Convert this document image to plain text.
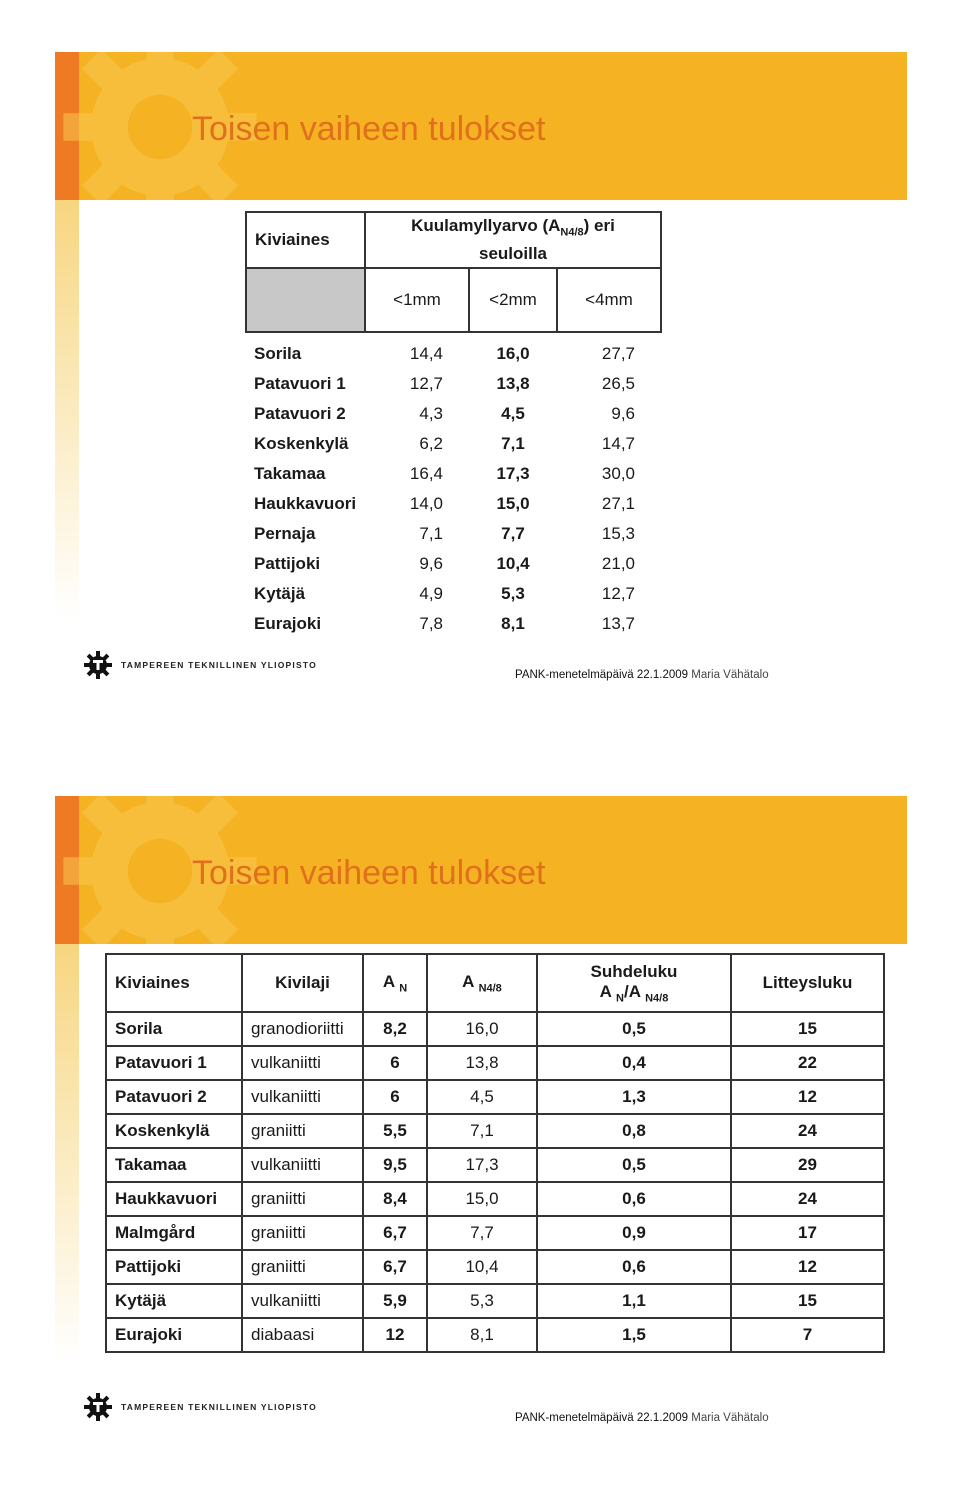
Toisen vaiheen tulokset
Kiviaines	Kuulamyllyarvo $(A_{N4/8})$ eri
seuloilla		
	<1mm	<2mm	<4mm

Sorila	14,4	16,0	27,7
Patavuori 1	12,7	13,8	26,5
Patavuori 2	4,3	4,5	9,6
Koskenkylä	6,2	7,1	14,7
Takamaa	16,4	17,3	30,0
Haukkavuori	14,0	15,0	27,1
Pernaja	7,1	7,7	15,3
Pattijoki	9,6	10,4	21,0
Kytäjä	4,9	5,3	12,7
Eurajoki	7,8	8,1	13,7
TAMPEREEN TEKNILLINEN YLIOPISTO
PANK-menetelmäpäivä 22.1.2009 Maria Vähätalo
Toisen vaiheen tulokset
Kiviaines	Kivilaji	A $_N$	A $_{N4/8}$	Suhdeluku
A $_N$/A $_{N4/8}$	Litteysluku
Sorila	granodioriitti	8,2	16,0	0,5	15
Patavuori 1	vulkaniitti	6	13,8	0,4	22
Patavuori 2	vulkaniitti	6	4,5	1,3	12
Koskenkylä	graniitti	5,5	7,1	0,8	24
Takamaa	vulkaniitti	9,5	17,3	0,5	29
Haukkavuori	graniitti	8,4	15,0	0,6	24
Malmgård	graniitti	6,7	7,7	0,9	17
Pattijoki	graniitti	6,7	10,4	0,6	12
Kytäjä	vulkaniitti	5,9	5,3	1,1	15
Eurajoki	diabaasi	12	8,1	1,5	7
TAMPEREEN TEKNILLINEN YLIOPISTO
PANK-menetelmäpäivä 22.1.2009 Maria Vähätalo
